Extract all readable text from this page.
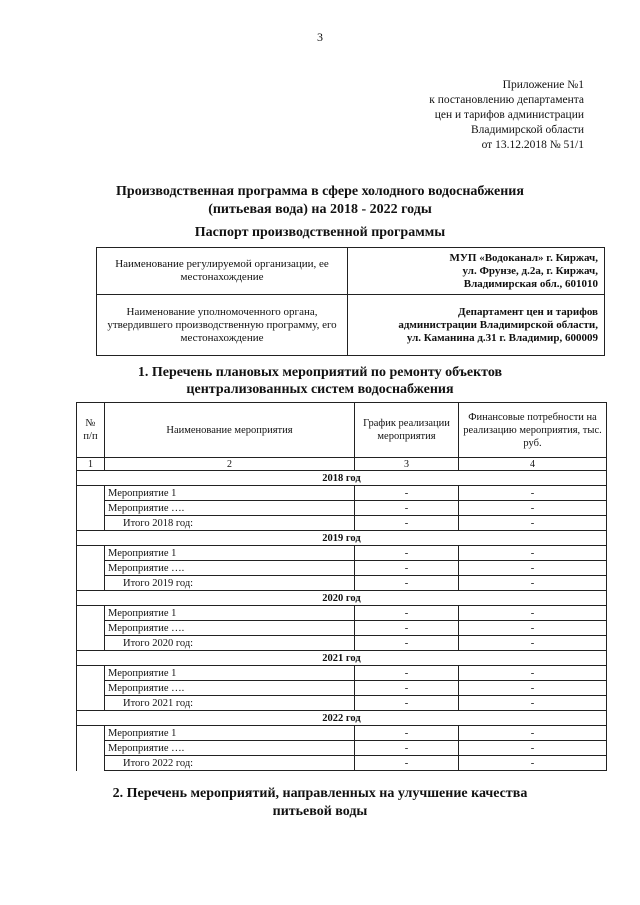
3
Приложение №1
к постановлению департамента
цен и тарифов администрации
Владимирской области
от 13.12.2018 № 51/1
Производственная программа в сфере холодного водоснабжения
(питьевая вода) на 2018 - 2022 годы
Паспорт производственной программы
Наименование регулируемой организации, ее местонахождение	МУП «Водоканал» г. Киржач,
ул. Фрунзе, д.2а, г. Киржач,
Владимирская обл., 601010

Наименование уполномоченного органа, утвердившего производственную программу, его местонахождение	Департамент цен и тарифов
администрации Владимирской области,
ул. Каманина д.31 г. Владимир, 600009
1. Перечень плановых мероприятий по ремонту объектов
централизованных систем водоснабжения
№ п/п	Наименование мероприятия	График реализации мероприятия	Финансовые потребности на реализацию мероприятия, тыс. руб.
1	2	3	4
2018 год			
	Мероприятие 1	-	-
	Мероприятие ….	-	-
	Итого 2018 год:	-	-
2019 год			
	Мероприятие 1	-	-
	Мероприятие ….	-	-
	Итого 2019 год:	-	-
2020 год			
	Мероприятие 1	-	-
	Мероприятие ….	-	-
	Итого 2020 год:	-	-
2021 год			
	Мероприятие 1	-	-
	Мероприятие ….	-	-
	Итого 2021 год:	-	-
2022 год			
	Мероприятие 1	-	-
	Мероприятие ….	-	-
	Итого 2022 год:	-	-
2. Перечень мероприятий, направленных на улучшение качества
питьевой воды
